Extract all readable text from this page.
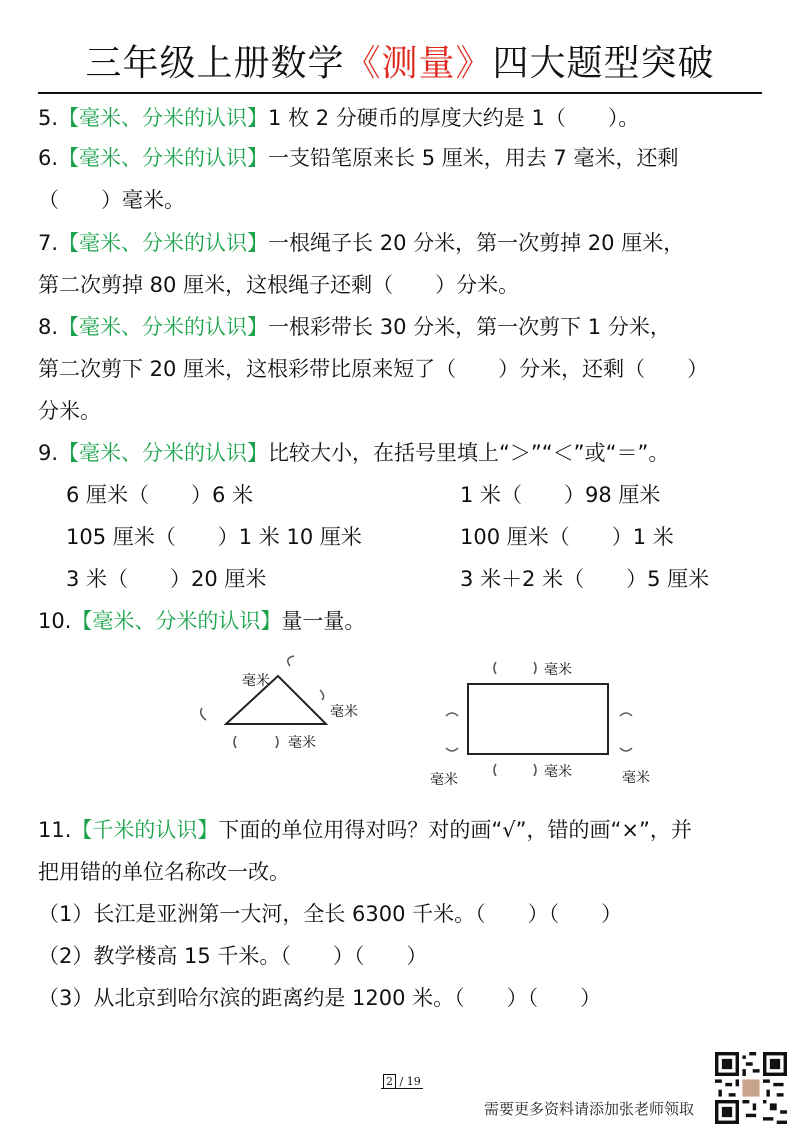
三年级上册数学《测量》四大题型突破
5.【毫米、分米的认识】1 枚 2 分硬币的厚度大约是 1（　　）。
6.【毫米、分米的认识】一支铅笔原来长 5 厘米，用去 7 毫米，还剩
（　　）毫米。
7.【毫米、分米的认识】一根绳子长 20 分米，第一次剪掉 20 厘米，
第二次剪掉 80 厘米，这根绳子还剩（　　）分米。
8.【毫米、分米的认识】一根彩带长 30 分米，第一次剪下 1 分米，
第二次剪下 20 厘米，这根彩带比原来短了（　　）分米，还剩（　　）
分米。
9.【毫米、分米的认识】比较大小，在括号里填上“＞”“＜”或“＝”。
6 厘米（　　）6 米	1 米（　　）98 厘米
105 厘米（　　）1 米 10 厘米	100 厘米（　　）1 米
3 米（　　）20 厘米	3 米＋2 米（　　）5 厘米
10.【毫米、分米的认识】量一量。
毫米
毫米
毫米
毫米
毫米	毫米	毫米
11.【千米的认识】下面的单位用得对吗？对的画“√”，错的画“×”，并
把用错的单位名称改一改。
（1）长江是亚洲第一大河，全长 6300 千米。（　　）（　　）
（2）教学楼高 15 千米。（　　）（　　）
（3）从北京到哈尔滨的距离约是 1200 米。（　　）（　　）
2 / 19
需要更多资料请添加张老师领取
